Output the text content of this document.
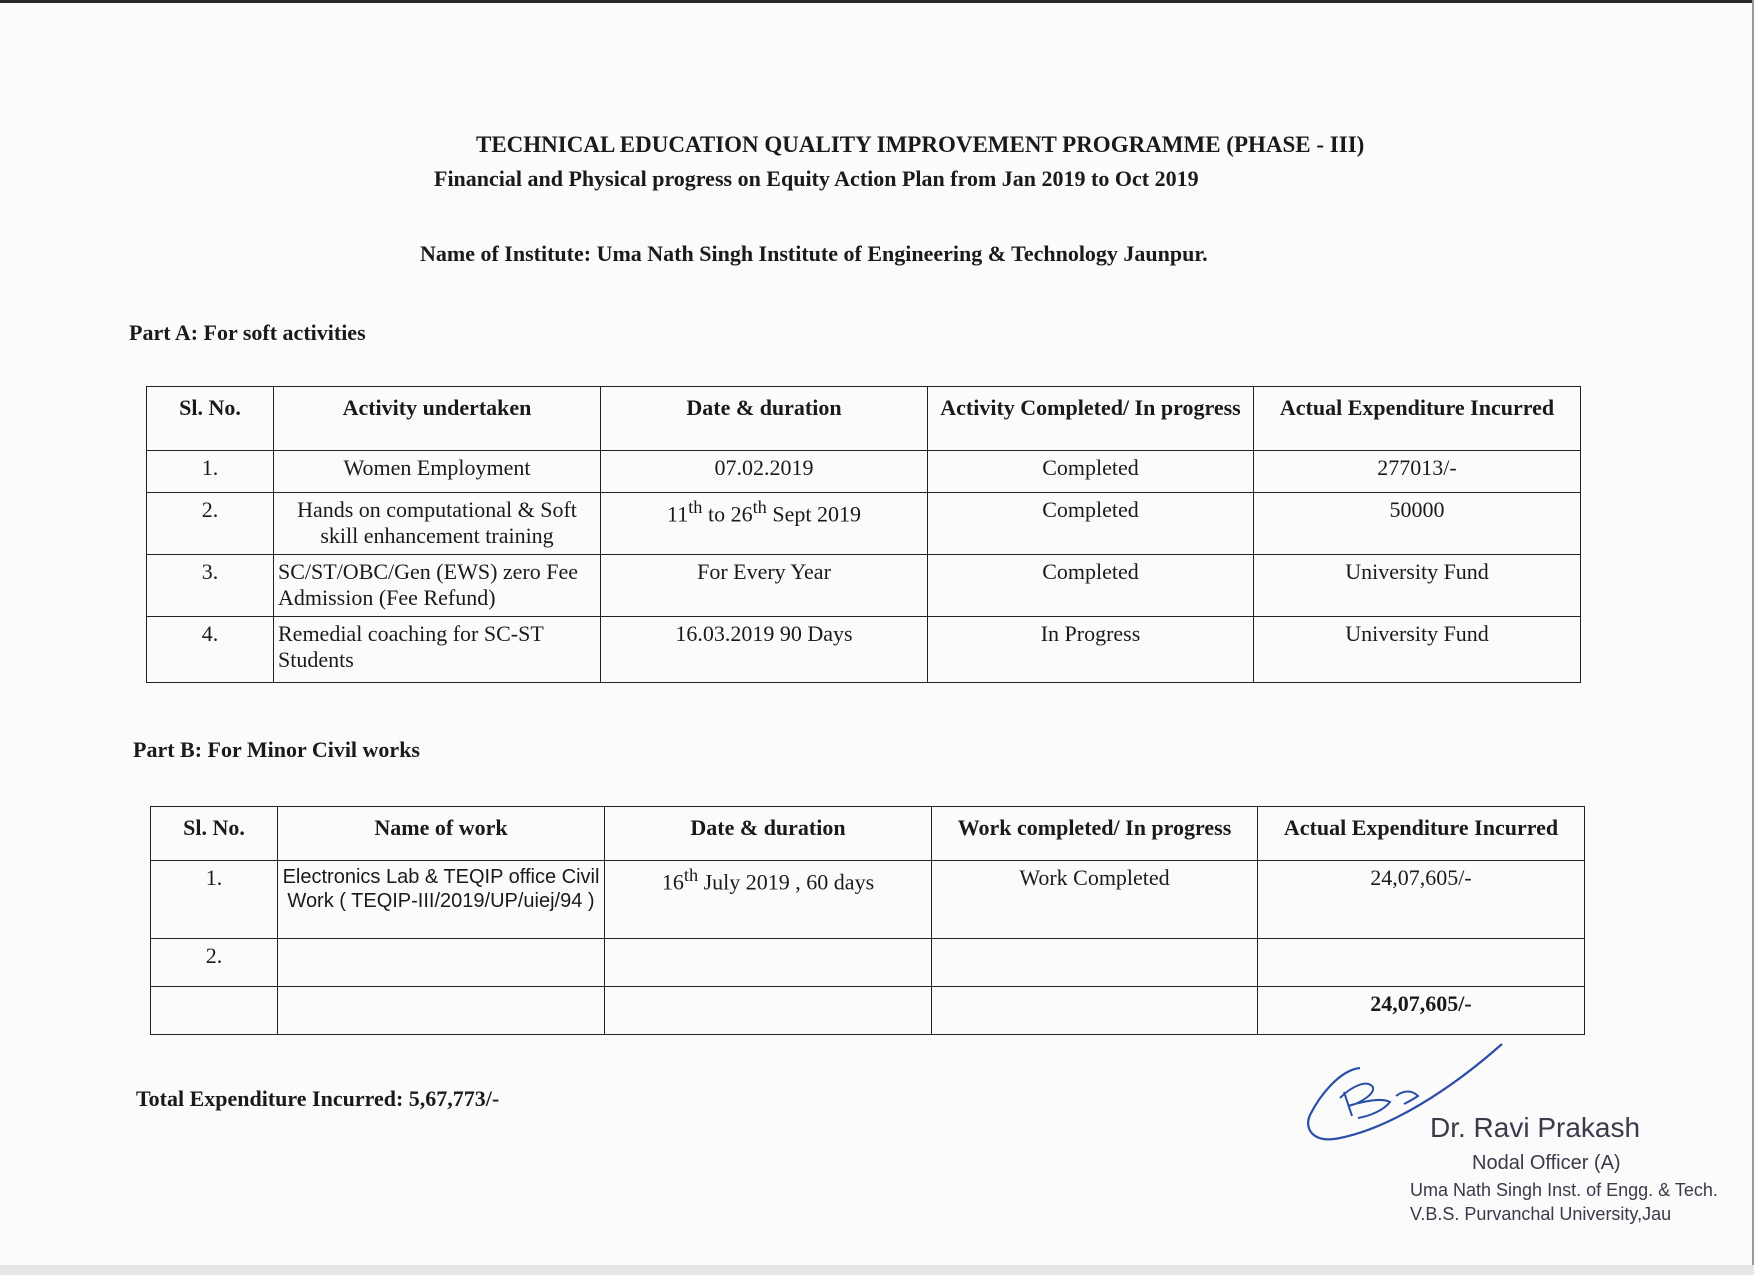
TECHNICAL EDUCATION QUALITY IMPROVEMENT PROGRAMME (PHASE - III)
Financial and Physical progress on Equity Action Plan from Jan 2019 to Oct 2019
Name of Institute: Uma Nath Singh Institute of Engineering & Technology Jaunpur.
Part A: For soft activities
Sl. No.	Activity undertaken	Date & duration	Activity Completed/ In progress	Actual Expenditure Incurred
1.	Women Employment	07.02.2019	Completed	277013/-
2.	Hands on computational & Soft skill enhancement training	11th to 26th Sept 2019	Completed	50000
3.	SC/ST/OBC/Gen (EWS) zero Fee Admission (Fee Refund)	For Every Year	Completed	University Fund
4.	Remedial coaching for SC-ST Students	16.03.2019 90 Days	In Progress	University Fund
Part B: For Minor Civil works
Sl. No.	Name of work	Date & duration	Work completed/ In progress	Actual Expenditure Incurred
1.	Electronics Lab & TEQIP office Civil Work ( TEQIP-III/2019/UP/uiej/94 )	16th July 2019 , 60 days	Work Completed	24,07,605/-
2.				
				24,07,605/-
Total Expenditure Incurred: 5,67,773/-
Dr. Ravi Prakash
Nodal Officer (A)
Uma Nath Singh Inst. of Engg. & Tech.
V.B.S. Purvanchal University,Jau
